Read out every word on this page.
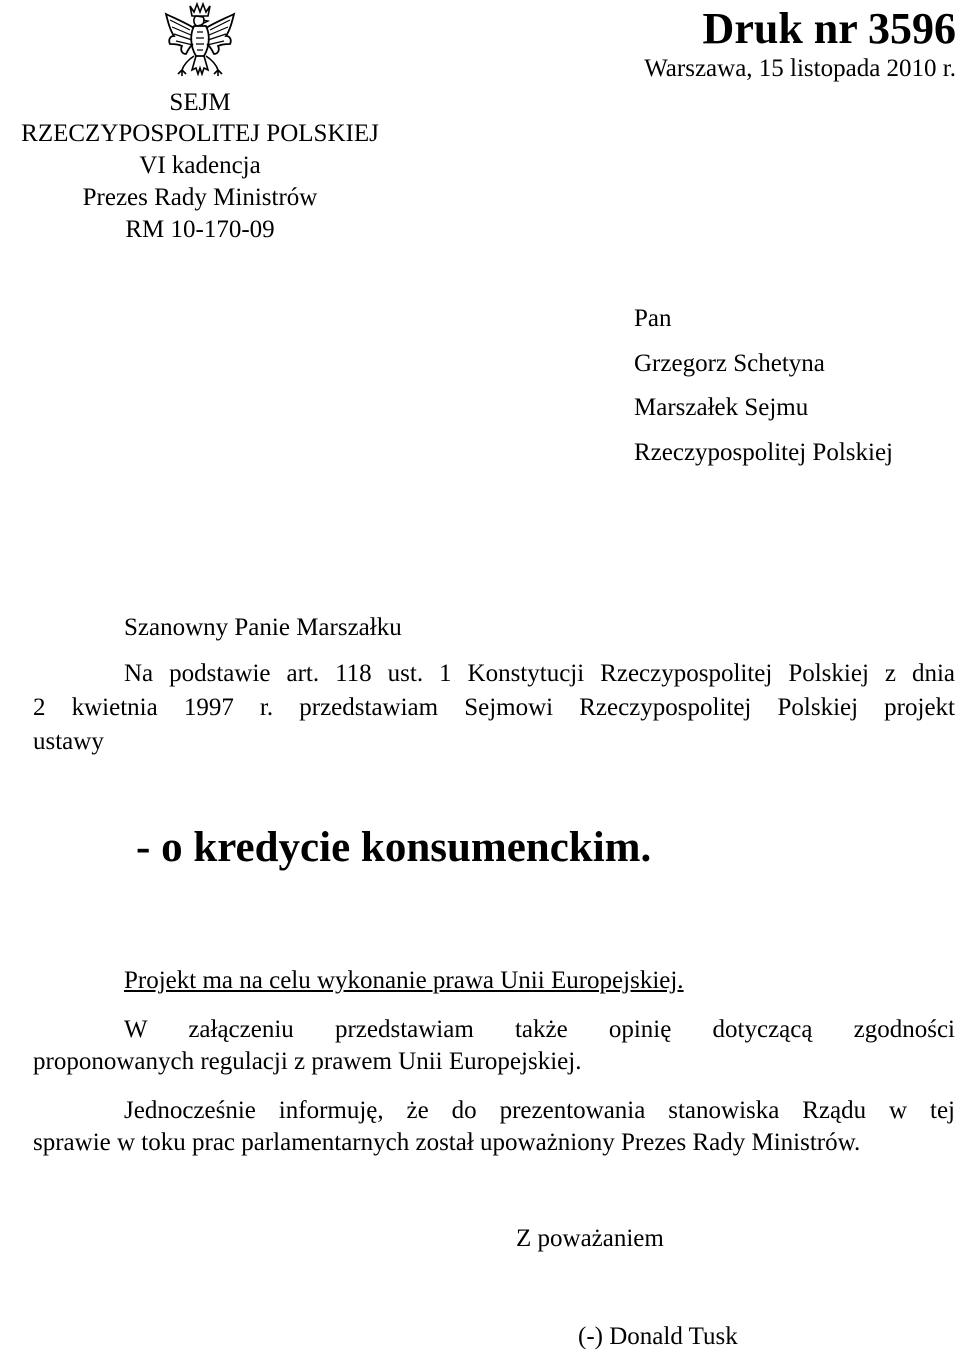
SEJM
RZECZYPOSPOLITEJ POLSKIEJ
VI kadencja
Prezes Rady Ministrów
RM 10-170-09
Druk nr 3596
Warszawa, 15 listopada 2010 r.
Pan
Grzegorz Schetyna
Marszałek Sejmu
Rzeczypospolitej Polskiej
Szanowny Panie Marszałku
Na podstawie art. 118 ust. 1 Konstytucji Rzeczypospolitej Polskiej z dnia
2 kwietnia 1997 r. przedstawiam Sejmowi Rzeczypospolitej Polskiej projekt
ustawy
- o kredycie konsumenckim.
Projekt ma na celu wykonanie prawa Unii Europejskiej.
W załączeniu przedstawiam także opinię dotyczącą zgodności
proponowanych regulacji z prawem Unii Europejskiej.
Jednocześnie informuję, że do prezentowania stanowiska Rządu w tej
sprawie w toku prac parlamentarnych został upoważniony Prezes Rady Ministrów.
Z poważaniem
(-) Donald Tusk
